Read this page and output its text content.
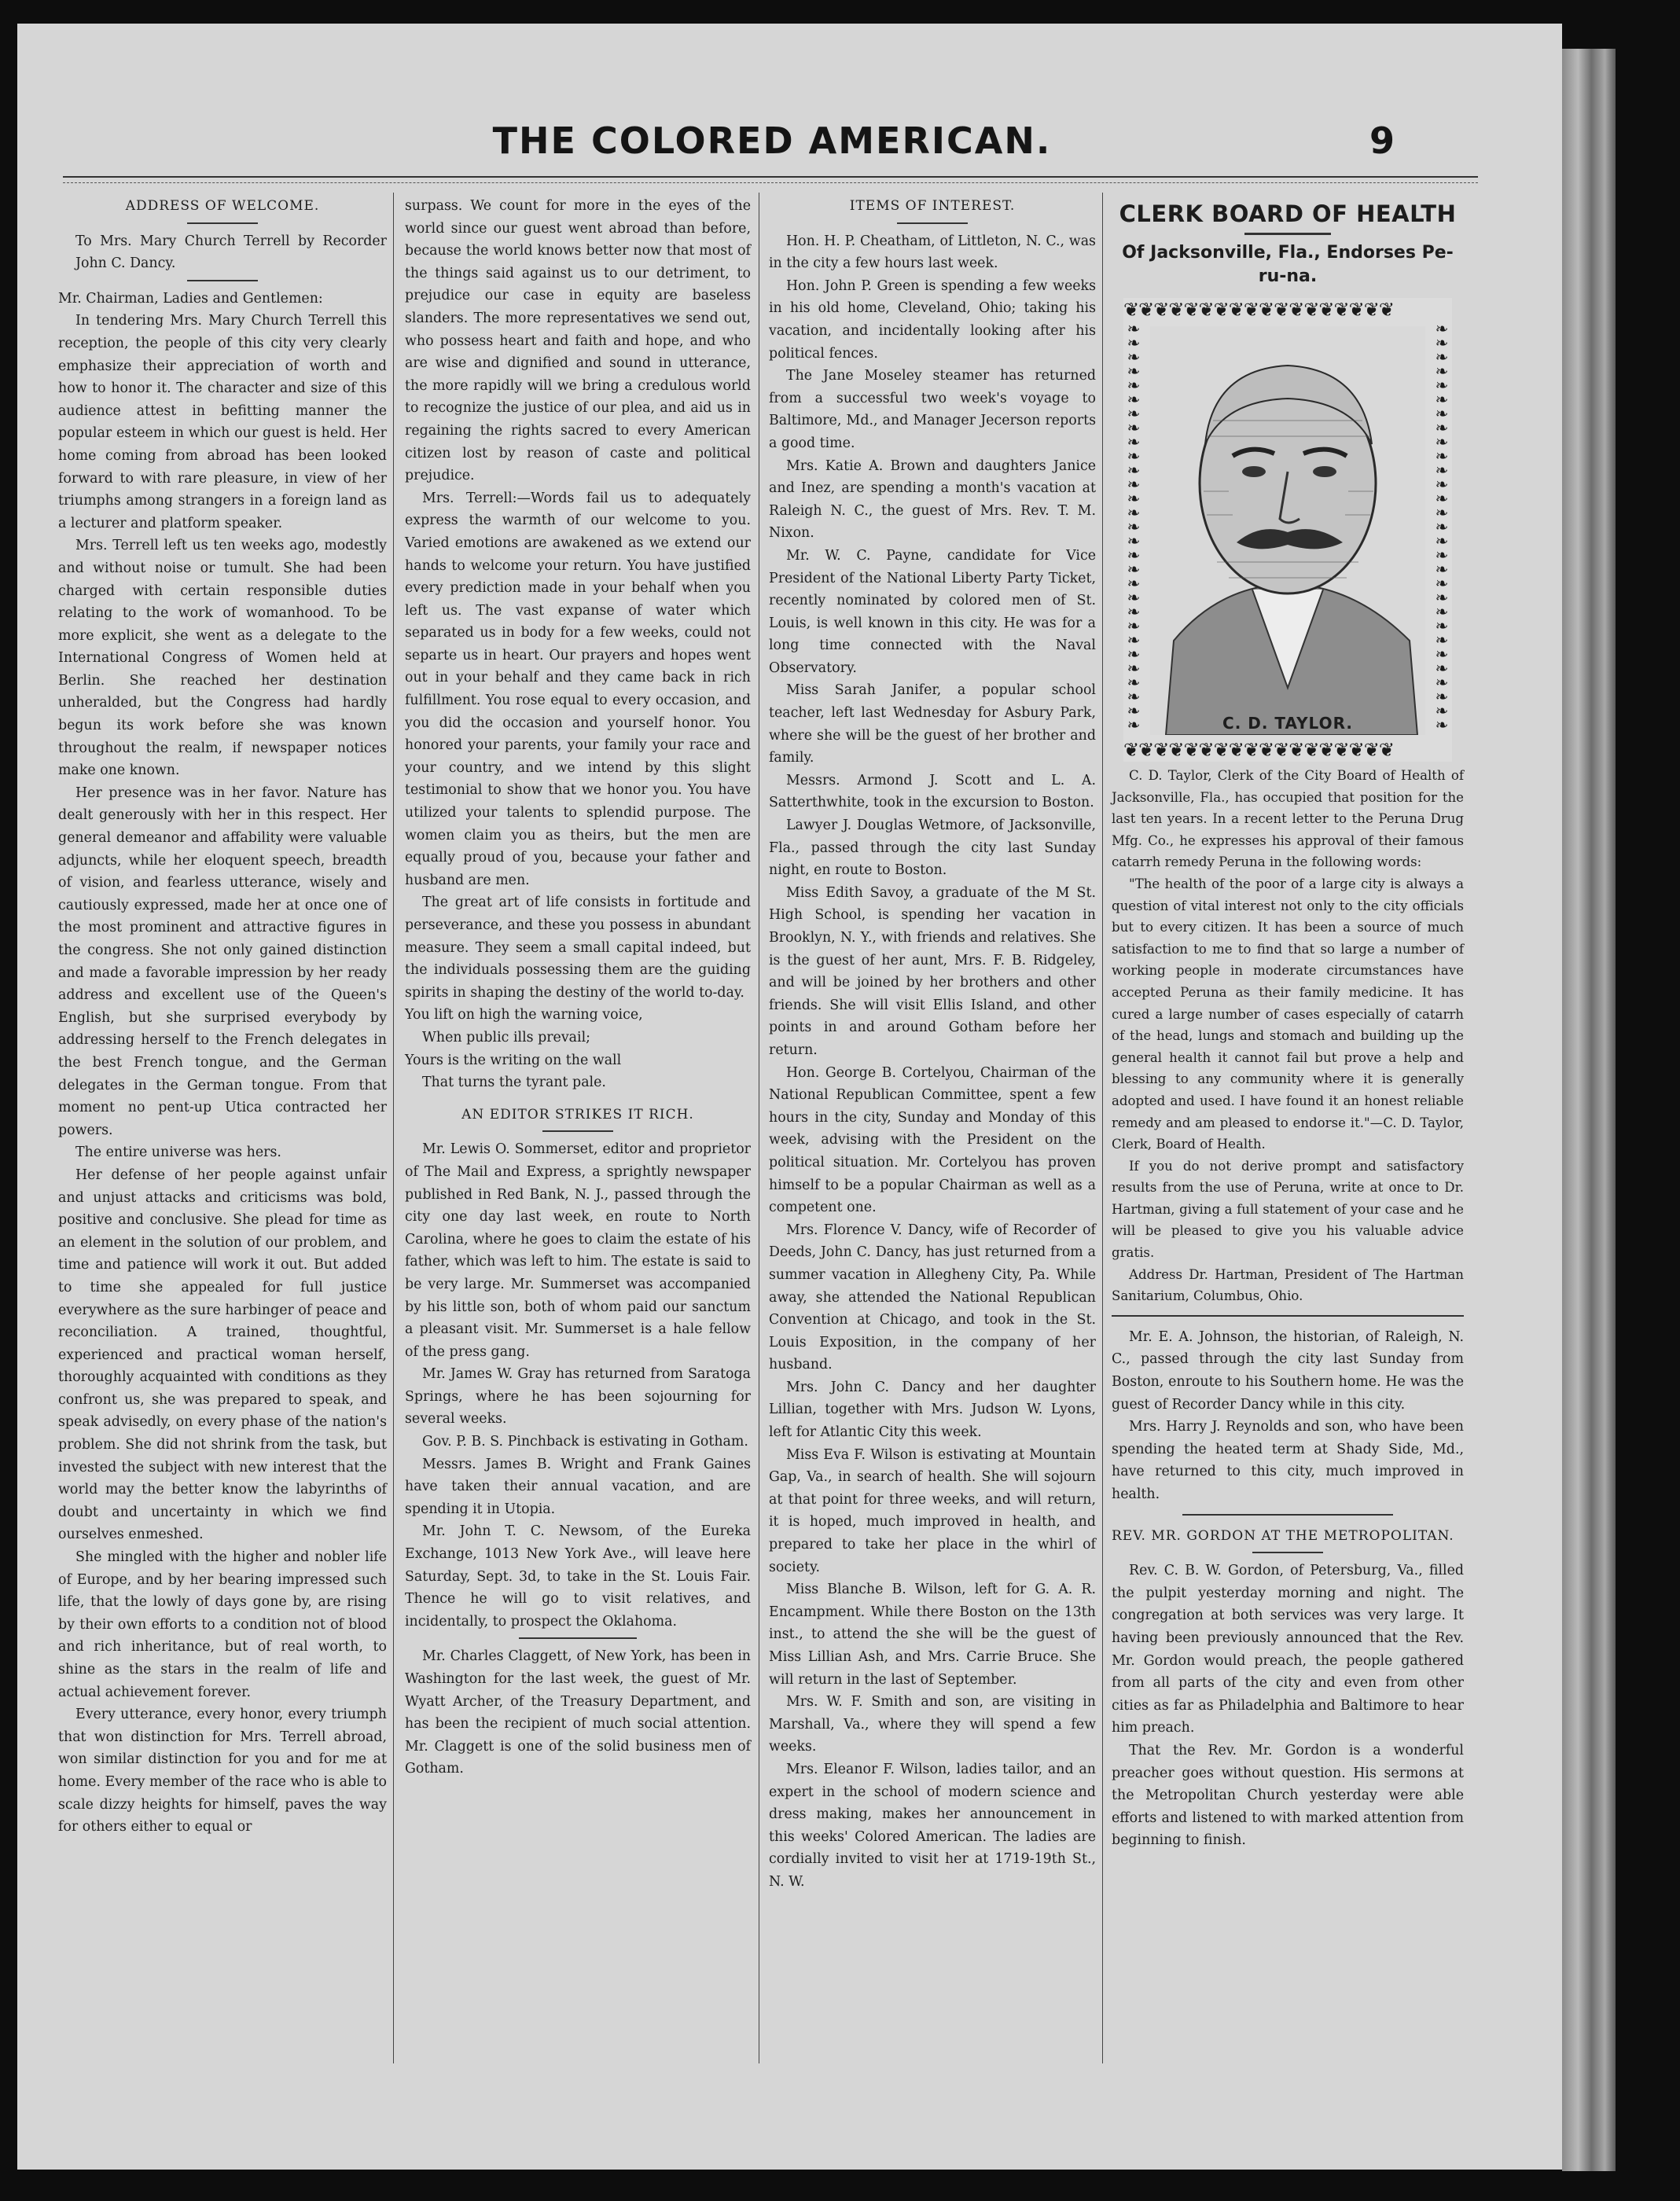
THE COLORED AMERICAN.	9

ADDRESS OF WELCOME.

To Mrs. Mary Church Terrell by Recorder John C. Dancy.

Mr. Chairman, Ladies and Gentlemen:

In tendering Mrs. Mary Church Terrell this reception, the people of this city very clearly emphasize their appreciation of worth and how to honor it. The character and size of this audience attest in befitting manner the popular esteem in which our guest is held. Her home coming from abroad has been looked forward to with rare pleasure, in view of her triumphs among strangers in a foreign land as a lecturer and platform speaker.

Mrs. Terrell left us ten weeks ago, modestly and without noise or tumult. She had been charged with certain responsible duties relating to the work of womanhood. To be more explicit, she went as a delegate to the International Congress of Women held at Berlin. She reached her destination unheralded, but the Congress had hardly begun its work before she was known throughout the realm, if newspaper notices make one known.

Her presence was in her favor. Nature has dealt generously with her in this respect. Her general demeanor and affability were valuable adjuncts, while her eloquent speech, breadth of vision, and fearless utterance, wisely and cautiously expressed, made her at once one of the most prominent and attractive figures in the congress. She not only gained distinction and made a favorable impression by her ready address and excellent use of the Queen's English, but she surprised everybody by addressing herself to the French delegates in the best French tongue, and the German delegates in the German tongue. From that moment no pent-up Utica contracted her powers.

The entire universe was hers.

Her defense of her people against unfair and unjust attacks and criticisms was bold, positive and conclusive. She plead for time as an element in the solution of our problem, and time and patience will work it out. But added to time she appealed for full justice everywhere as the sure harbinger of peace and reconciliation. A trained, thoughtful, experienced and practical woman herself, thoroughly acquainted with conditions as they confront us, she was prepared to speak, and speak advisedly, on every phase of the nation's problem. She did not shrink from the task, but invested the subject with new interest that the world may the better know the labyrinths of doubt and uncertainty in which we find ourselves enmeshed.

She mingled with the higher and nobler life of Europe, and by her bearing impressed such life, that the lowly of days gone by, are rising by their own efforts to a condition not of blood and rich inheritance, but of real worth, to shine as the stars in the realm of life and actual achievement forever.

Every utterance, every honor, every triumph that won distinction for Mrs. Terrell abroad, won similar distinction for you and for me at home. Every member of the race who is able to scale dizzy heights for himself, paves the way for others either to equal or

surpass. We count for more in the eyes of the world since our guest went abroad than before, because the world knows better now that most of the things said against us to our detriment, to prejudice our case in equity are baseless slanders. The more representatives we send out, who possess heart and faith and hope, and who are wise and dignified and sound in utterance, the more rapidly will we bring a credulous world to recognize the justice of our plea, and aid us in regaining the rights sacred to every American citizen lost by reason of caste and political prejudice.

Mrs. Terrell:—Words fail us to adequately express the warmth of our welcome to you. Varied emotions are awakened as we extend our hands to welcome your return. You have justified every prediction made in your behalf when you left us. The vast expanse of water which separated us in body for a few weeks, could not separte us in heart. Our prayers and hopes went out in your behalf and they came back in rich fulfillment. You rose equal to every occasion, and you did the occasion and yourself honor. You honored your parents, your family your race and your country, and we intend by this slight testimonial to show that we honor you. You have utilized your talents to splendid purpose. The women claim you as theirs, but the men are equally proud of you, because your father and husband are men.

The great art of life consists in fortitude and perseverance, and these you possess in abundant measure. They seem a small capital indeed, but the individuals possessing them are the guiding spirits in shaping the destiny of the world to-day.

You lift on high the warning voice,

When public ills prevail;

Yours is the writing on the wall

That turns the tyrant pale.

AN EDITOR STRIKES IT RICH.

Mr. Lewis O. Sommerset, editor and proprietor of The Mail and Express, a sprightly newspaper published in Red Bank, N. J., passed through the city one day last week, en route to North Carolina, where he goes to claim the estate of his father, which was left to him. The estate is said to be very large. Mr. Summerset was accompanied by his little son, both of whom paid our sanctum a pleasant visit. Mr. Summerset is a hale fellow of the press gang.

Mr. James W. Gray has returned from Saratoga Springs, where he has been sojourning for several weeks.

Gov. P. B. S. Pinchback is estivating in Gotham.

Messrs. James B. Wright and Frank Gaines have taken their annual vacation, and are spending it in Utopia.

Mr. John T. C. Newsom, of the Eureka Exchange, 1013 New York Ave., will leave here Saturday, Sept. 3d, to take in the St. Louis Fair. Thence he will go to visit relatives, and incidentally, to prospect the Oklahoma.

Mr. Charles Claggett, of New York, has been in Washington for the last week, the guest of Mr. Wyatt Archer, of the Treasury Department, and has been the recipient of much social attention. Mr. Claggett is one of the solid business men of Gotham.

ITEMS OF INTEREST.

Hon. H. P. Cheatham, of Littleton, N. C., was in the city a few hours last week.

Hon. John P. Green is spending a few weeks in his old home, Cleveland, Ohio; taking his vacation, and incidentally looking after his political fences.

The Jane Moseley steamer has returned from a successful two week's voyage to Baltimore, Md., and Manager Jecerson reports a good time.

Mrs. Katie A. Brown and daughters Janice and Inez, are spending a month's vacation at Raleigh N. C., the guest of Mrs. Rev. T. M. Nixon.

Mr. W. C. Payne, candidate for Vice President of the National Liberty Party Ticket, recently nominated by colored men of St. Louis, is well known in this city. He was for a long time connected with the Naval Observatory.

Miss Sarah Janifer, a popular school teacher, left last Wednesday for Asbury Park, where she will be the guest of her brother and family.

Messrs. Armond J. Scott and L. A. Satterthwhite, took in the excursion to Boston.

Lawyer J. Douglas Wetmore, of Jacksonville, Fla., passed through the city last Sunday night, en route to Boston.

Miss Edith Savoy, a graduate of the M St. High School, is spending her vacation in Brooklyn, N. Y., with friends and relatives. She is the guest of her aunt, Mrs. F. B. Ridgeley, and will be joined by her brothers and other friends. She will visit Ellis Island, and other points in and around Gotham before her return.

Hon. George B. Cortelyou, Chairman of the National Republican Committee, spent a few hours in the city, Sunday and Monday of this week, advising with the President on the political situation. Mr. Cortelyou has proven himself to be a popular Chairman as well as a competent one.

Mrs. Florence V. Dancy, wife of Recorder of Deeds, John C. Dancy, has just returned from a summer vacation in Allegheny City, Pa. While away, she attended the National Republican Convention at Chicago, and took in the St. Louis Exposition, in the company of her husband.

Mrs. John C. Dancy and her daughter Lillian, together with Mrs. Judson W. Lyons, left for Atlantic City this week.

Miss Eva F. Wilson is estivating at Mountain Gap, Va., in search of health. She will sojourn at that point for three weeks, and will return, it is hoped, much improved in health, and prepared to take her place in the whirl of society.

Miss Blanche B. Wilson, left for G. A. R. Encampment. While there Boston on the 13th inst., to attend the she will be the guest of Miss Lillian Ash, and Mrs. Carrie Bruce. She will return in the last of September.

Mrs. W. F. Smith and son, are visiting in Marshall, Va., where they will spend a few weeks.

Mrs. Eleanor F. Wilson, ladies tailor, and an expert in the school of modern science and dress making, makes her announcement in this weeks' Colored American. The ladies are cordially invited to visit her at 1719-19th St., N. W.

CLERK BOARD OF HEALTH
Of Jacksonville, Fla., Endorses Pe-ru-na.
❦❦❦❦❦❦❦❦❦❦❦❦❦❦❦❦❦❦
❧❧❧❧❧❧❧❧❧❧❧❧❧❧❧❧❧❧❧❧❧❧❧❧❧❧❧❧❧
❧❧❧❧❧❧❧❧❧❧❧❧❧❧❧❧❧❧❧❧❧❧❧❧❧❧❧❧❧
C. D. TAYLOR.
❦❦❦❦❦❦❦❦❦❦❦❦❦❦❦❦❦❦

C. D. Taylor, Clerk of the City Board of Health of Jacksonville, Fla., has occupied that position for the last ten years. In a recent letter to the Peruna Drug Mfg. Co., he expresses his approval of their famous catarrh remedy Peruna in the following words:

"The health of the poor of a large city is always a question of vital interest not only to the city officials but to every citizen. It has been a source of much satisfaction to me to find that so large a number of working people in moderate circumstances have accepted Peruna as their family medicine. It has cured a large number of cases especially of catarrh of the head, lungs and stomach and building up the general health it cannot fail but prove a help and blessing to any community where it is generally adopted and used. I have found it an honest reliable remedy and am pleased to endorse it."—C. D. Taylor, Clerk, Board of Health.

If you do not derive prompt and satisfactory results from the use of Peruna, write at once to Dr. Hartman, giving a full statement of your case and he will be pleased to give you his valuable advice gratis.

Address Dr. Hartman, President of The Hartman Sanitarium, Columbus, Ohio.

Mr. E. A. Johnson, the historian, of Raleigh, N. C., passed through the city last Sunday from Boston, enroute to his Southern home. He was the guest of Recorder Dancy while in this city.

Mrs. Harry J. Reynolds and son, who have been spending the heated term at Shady Side, Md., have returned to this city, much improved in health.

REV. MR. GORDON AT THE METROPOLITAN.

Rev. C. B. W. Gordon, of Petersburg, Va., filled the pulpit yesterday morning and night. The congregation at both services was very large. It having been previously announced that the Rev. Mr. Gordon would preach, the people gathered from all parts of the city and even from other cities as far as Philadelphia and Baltimore to hear him preach.

That the Rev. Mr. Gordon is a wonderful preacher goes without question. His sermons at the Metropolitan Church yesterday were able efforts and listened to with marked attention from beginning to finish.
